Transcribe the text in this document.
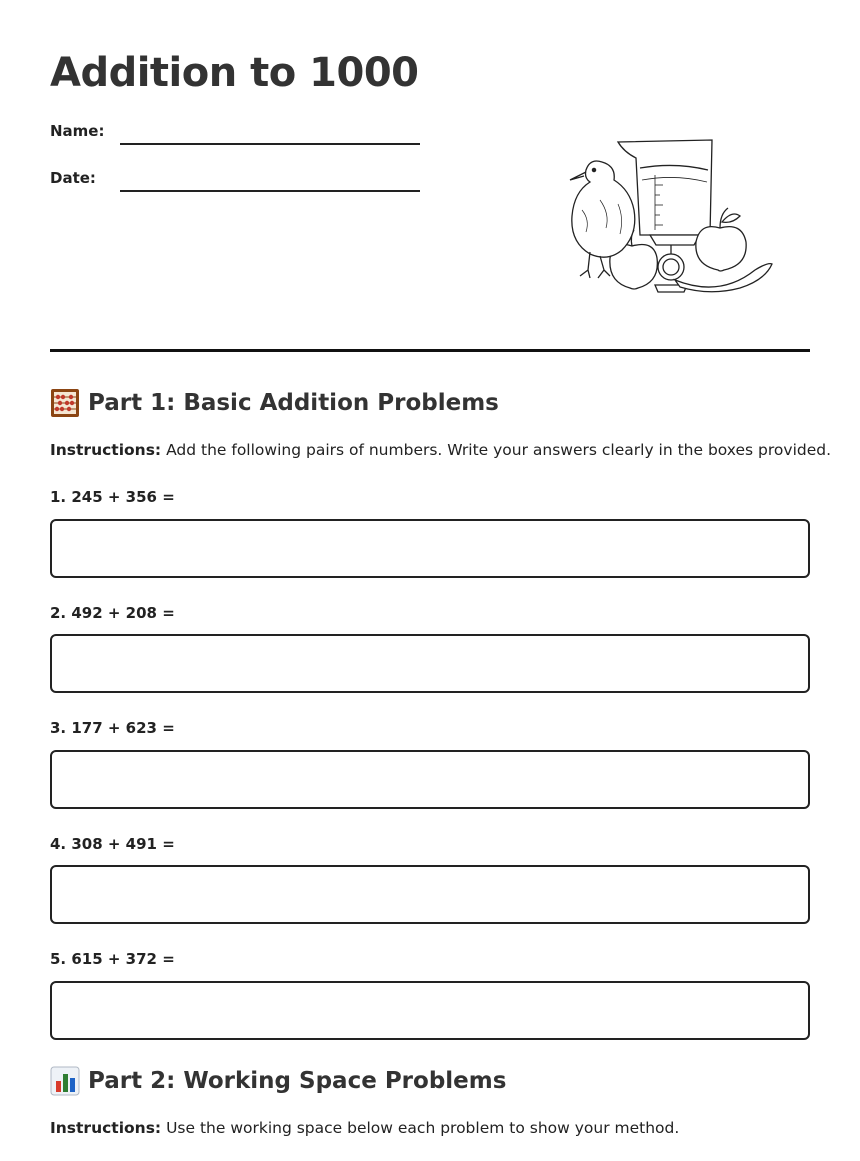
Addition to 1000
Name:
Date:
Part 1: Basic Addition Problems
Instructions: Add the following pairs of numbers. Write your answers clearly in the boxes provided.
1. 245 + 356 =
2. 492 + 208 =
3. 177 + 623 =
4. 308 + 491 =
5. 615 + 372 =
Part 2: Working Space Problems
Instructions: Use the working space below each problem to show your method.
